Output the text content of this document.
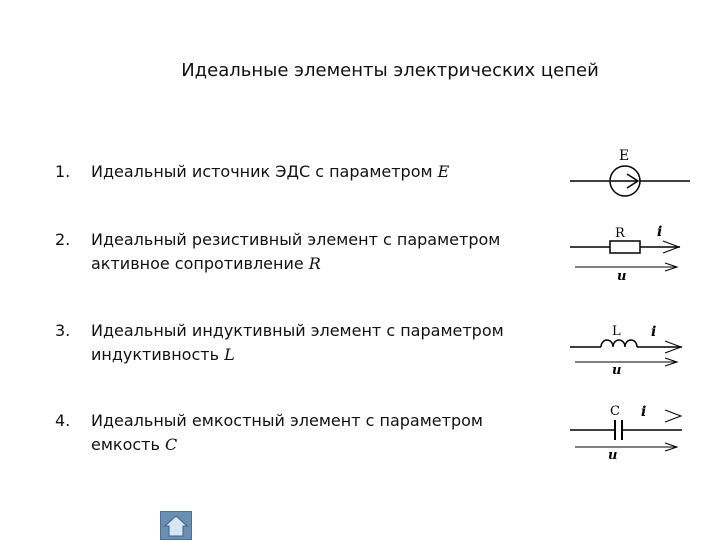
Идеальные элементы электрических цепей
1.	Идеальный источник ЭДС с параметром E
2.	Идеальный резистивный элемент с параметром активное сопротивление R
3.	Идеальный индуктивный элемент с параметром индуктивность L
4.	Идеальный емкостный элемент с параметром емкость C
E
R i
u
L i
u
C i
u
